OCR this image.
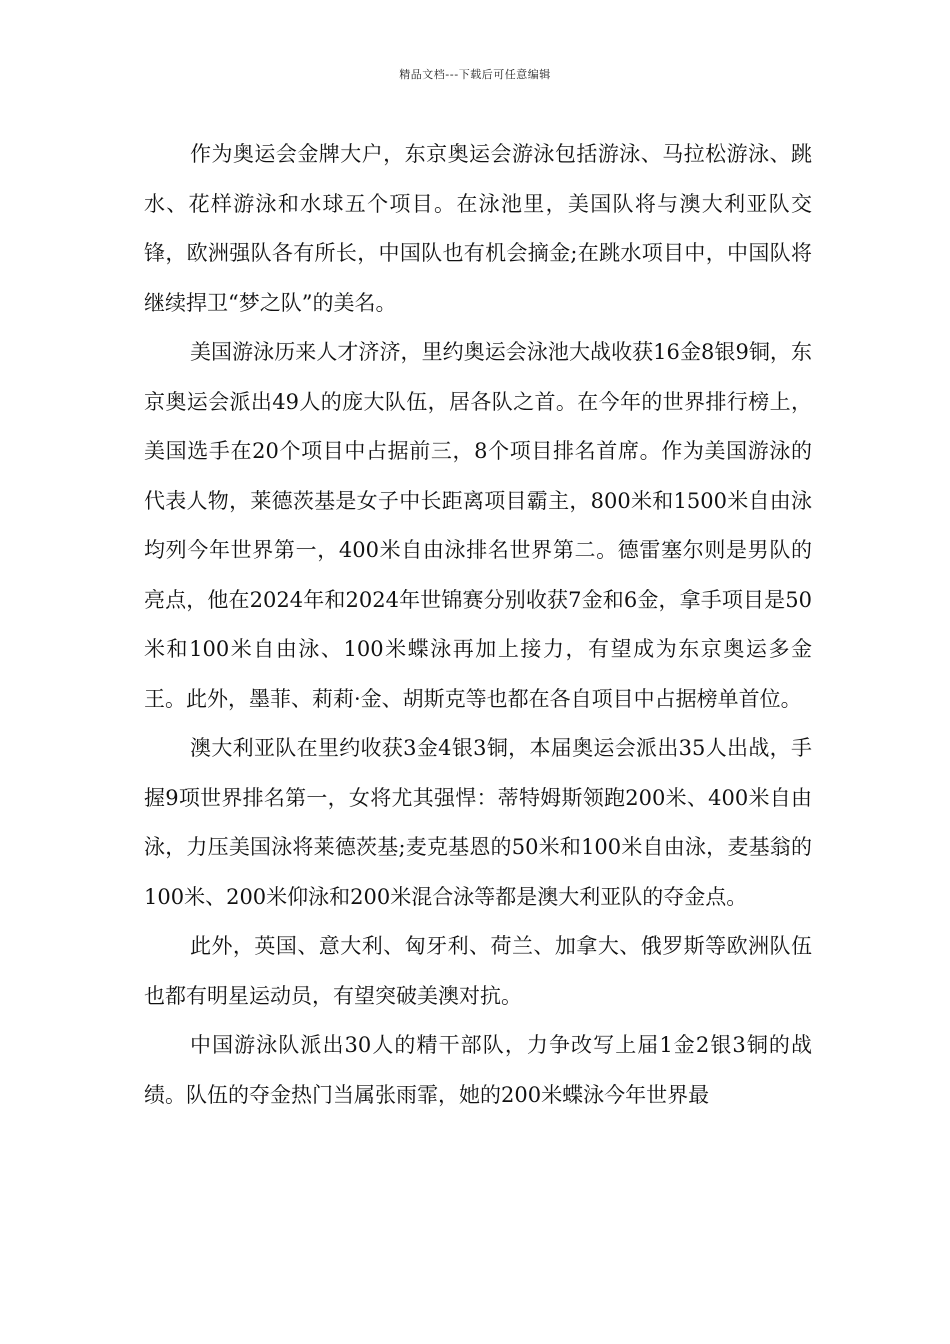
精品文档---下载后可任意编辑

作为奥运会金牌大户，东京奥运会游泳包括游泳、马拉松游泳、跳水、花样游泳和水球五个项目。在泳池里，美国队将与澳大利亚队交锋，欧洲强队各有所长，中国队也有机会摘金;在跳水项目中，中国队将继续捍卫“梦之队”的美名。

美国游泳历来人才济济，里约奥运会泳池大战收获16金8银9铜，东京奥运会派出49人的庞大队伍，居各队之首。在今年的世界排行榜上，美国选手在20个项目中占据前三，8个项目排名首席。作为美国游泳的代表人物，莱德茨基是女子中长距离项目霸主，800米和1500米自由泳均列今年世界第一，400米自由泳排名世界第二。德雷塞尔则是男队的亮点，他在2024年和2024年世锦赛分别收获7金和6金，拿手项目是50米和100米自由泳、100米蝶泳再加上接力，有望成为东京奥运多金王。此外，墨菲、莉莉·金、胡斯克等也都在各自项目中占据榜单首位。

澳大利亚队在里约收获3金4银3铜，本届奥运会派出35人出战，手握9项世界排名第一，女将尤其强悍：蒂特姆斯领跑200米、400米自由泳，力压美国泳将莱德茨基;麦克基恩的50米和100米自由泳，麦基翁的100米、200米仰泳和200米混合泳等都是澳大利亚队的夺金点。

此外，英国、意大利、匈牙利、荷兰、加拿大、俄罗斯等欧洲队伍也都有明星运动员，有望突破美澳对抗。

中国游泳队派出30人的精干部队，力争改写上届1金2银3铜的战绩。队伍的夺金热门当属张雨霏，她的200米蝶泳今年世界最
